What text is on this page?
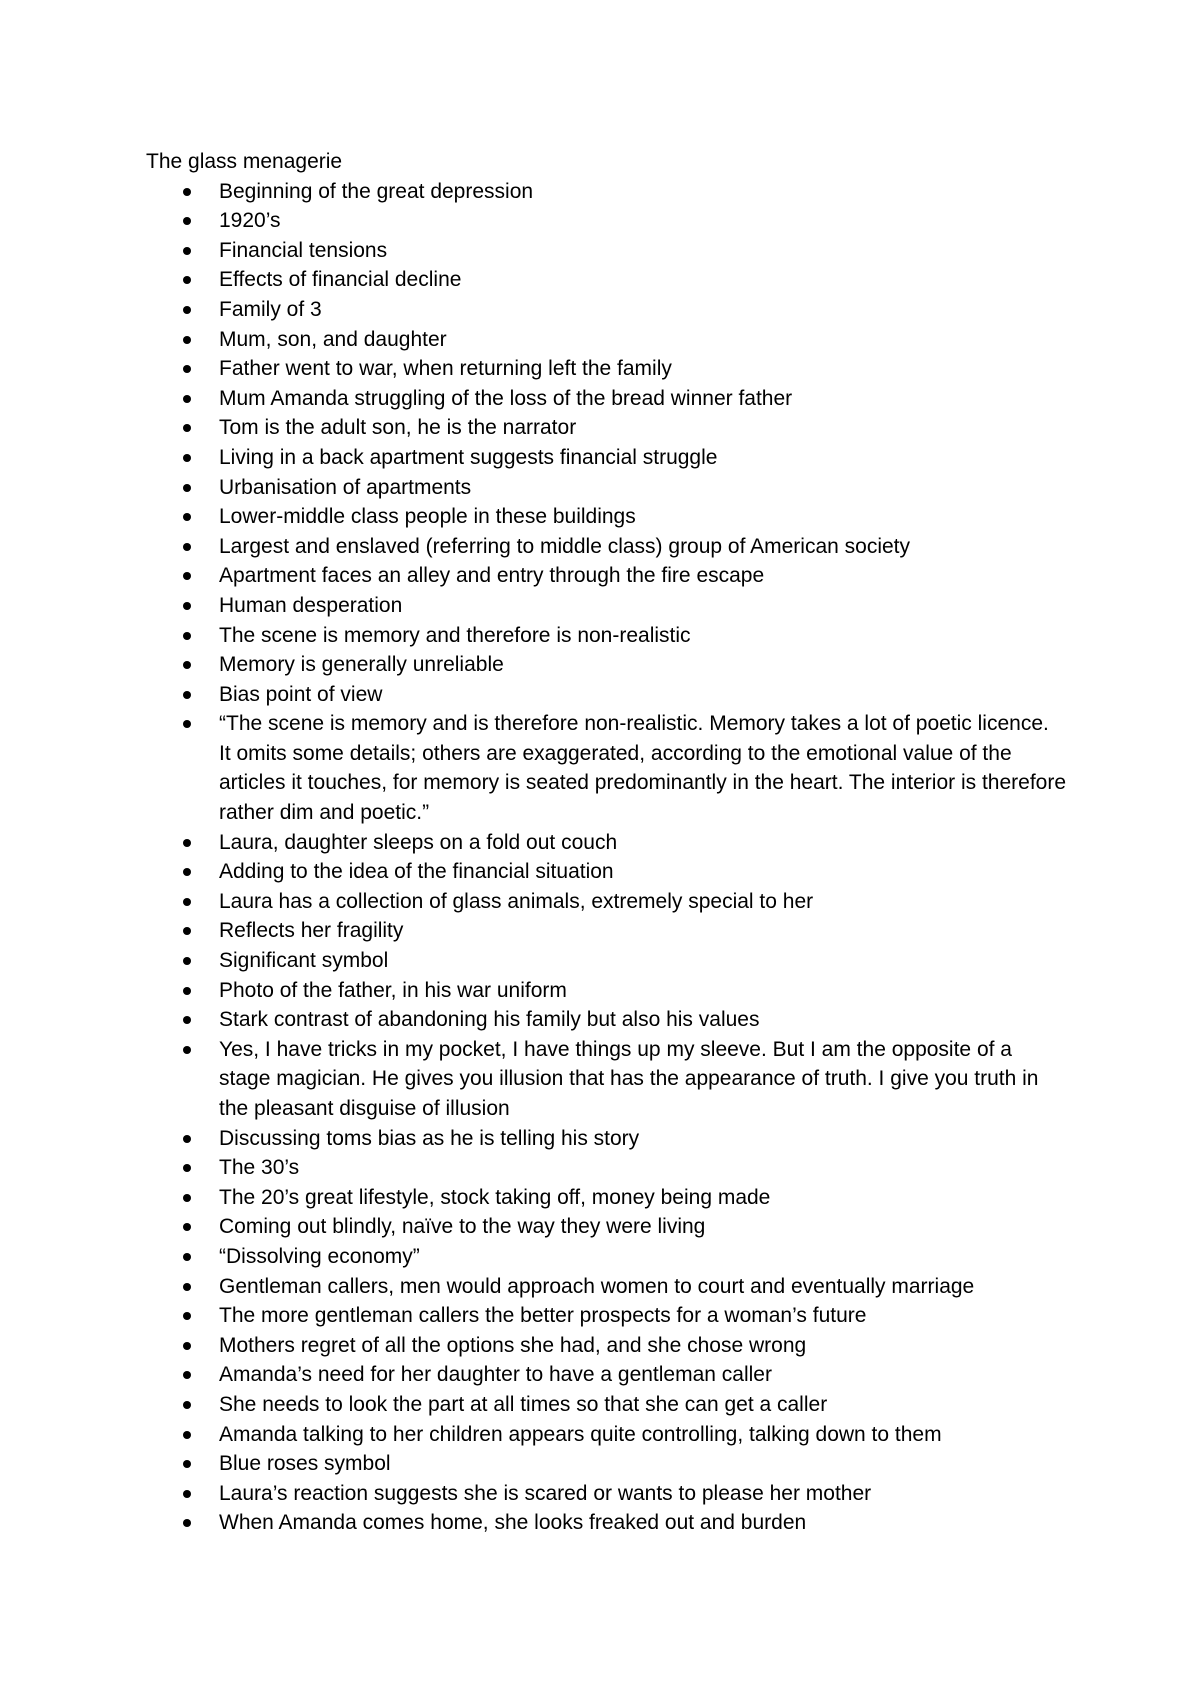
The glass menagerie
Beginning of the great depression
1920’s
Financial tensions
Effects of financial decline
Family of 3
Mum, son, and daughter
Father went to war, when returning left the family
Mum Amanda struggling of the loss of the bread winner father
Tom is the adult son, he is the narrator
Living in a back apartment suggests financial struggle
Urbanisation of apartments
Lower-middle class people in these buildings
Largest and enslaved (referring to middle class) group of American society
Apartment faces an alley and entry through the fire escape
Human desperation
The scene is memory and therefore is non-realistic
Memory is generally unreliable
Bias point of view
“The scene is memory and is therefore non-realistic. Memory takes a lot of poetic licence. It omits some details; others are exaggerated, according to the emotional value of the articles it touches, for memory is seated predominantly in the heart. The interior is therefore rather dim and poetic.”
Laura, daughter sleeps on a fold out couch
Adding to the idea of the financial situation
Laura has a collection of glass animals, extremely special to her
Reflects her fragility
Significant symbol
Photo of the father, in his war uniform
Stark contrast of abandoning his family but also his values
Yes, I have tricks in my pocket, I have things up my sleeve. But I am the opposite of a stage magician. He gives you illusion that has the appearance of truth. I give you truth in the pleasant disguise of illusion
Discussing toms bias as he is telling his story
The 30’s
The 20’s great lifestyle, stock taking off, money being made
Coming out blindly, naïve to the way they were living
“Dissolving economy”
Gentleman callers, men would approach women to court and eventually marriage
The more gentleman callers the better prospects for a woman’s future
Mothers regret of all the options she had, and she chose wrong
Amanda’s need for her daughter to have a gentleman caller
She needs to look the part at all times so that she can get a caller
Amanda talking to her children appears quite controlling, talking down to them
Blue roses symbol
Laura’s reaction suggests she is scared or wants to please her mother
When Amanda comes home, she looks freaked out and burden
